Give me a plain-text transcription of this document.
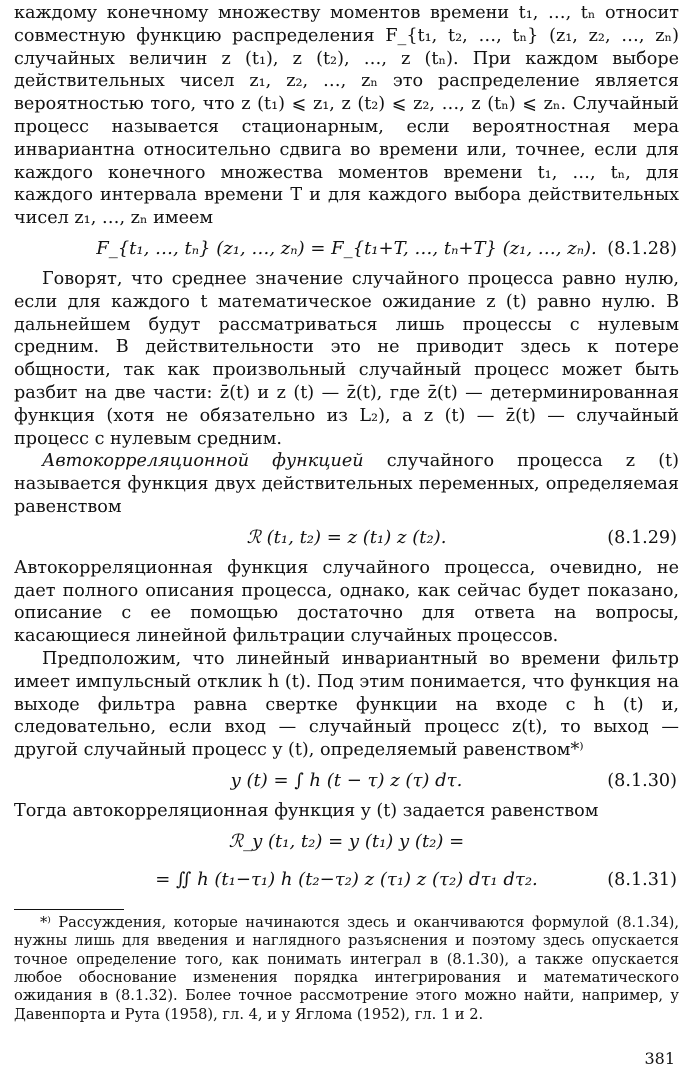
каждому конечному множеству моментов времени t₁, …, tₙ относит совместную функцию распределения F_{t₁, t₂, …, tₙ} (z₁, z₂, …, zₙ) случайных величин z (t₁), z (t₂), …, z (tₙ). При каждом выборе действительных чисел z₁, z₂, …, zₙ это распределение является вероятностью того, что z (t₁) ⩽ z₁, z (t₂) ⩽ z₂, …, z (tₙ) ⩽ zₙ. Случайный процесс называется стационарным, если вероятностная мера инвариантна относительно сдвига во времени или, точнее, если для каждого конечного множества моментов времени t₁, …, tₙ, для каждого интервала времени T и для каждого выбора действительных чисел z₁, …, zₙ имеем

F_{t₁, …, tₙ} (z₁, …, zₙ) = F_{t₁+T, …, tₙ+T} (z₁, …, zₙ). (8.1.28)

Говорят, что среднее значение случайного процесса равно нулю, если для каждого t математическое ожидание z (t) равно нулю. В дальнейшем будут рассматриваться лишь процессы с нулевым средним. В действительности это не приводит здесь к потере общности, так как произвольный случайный процесс может быть разбит на две части: z̄(t) и z (t) — z̄(t), где z̄(t) — детерминированная функция (хотя не обязательно из L₂), а z (t) — z̄(t) — случайный процесс с нулевым средним.

Автокорреляционной функцией случайного процесса z (t) называется функция двух действительных переменных, определяемая равенством

ℛ (t₁, t₂) = z (t₁) z (t₂).	(8.1.29)

Автокорреляционная функция случайного процесса, очевидно, не дает полного описания процесса, однако, как сейчас будет показано, описание с ее помощью достаточно для ответа на вопросы, касающиеся линейной фильтрации случайных процессов.

Предположим, что линейный инвариантный во времени фильтр имеет импульсный отклик h (t). Под этим понимается, что функция на выходе фильтра равна свертке функции на входе с h (t) и, следовательно, если вход — случайный процесс z(t), то выход — другой случайный процесс y (t), определяемый равенством*⁾

y (t) = ∫ h (t − τ) z (τ) dτ.	(8.1.30)

Тогда автокорреляционная функция y (t) задается равенством

ℛ_y (t₁, t₂) = y (t₁) y (t₂) =
= ∬ h (t₁−τ₁) h (t₂−τ₂) z (τ₁) z (τ₂) dτ₁ dτ₂.	(8.1.31)

*⁾ Рассуждения, которые начинаются здесь и оканчиваются формулой (8.1.34), нужны лишь для введения и наглядного разъяснения и поэтому здесь опускается точное определение того, как понимать интеграл в (8.1.30), а также опускается любое обоснование изменения порядка интегрирования и математического ожидания в (8.1.32). Более точное рассмотрение этого можно найти, например, у Давенпорта и Рута (1958), гл. 4, и у Яглома (1952), гл. 1 и 2.

381
